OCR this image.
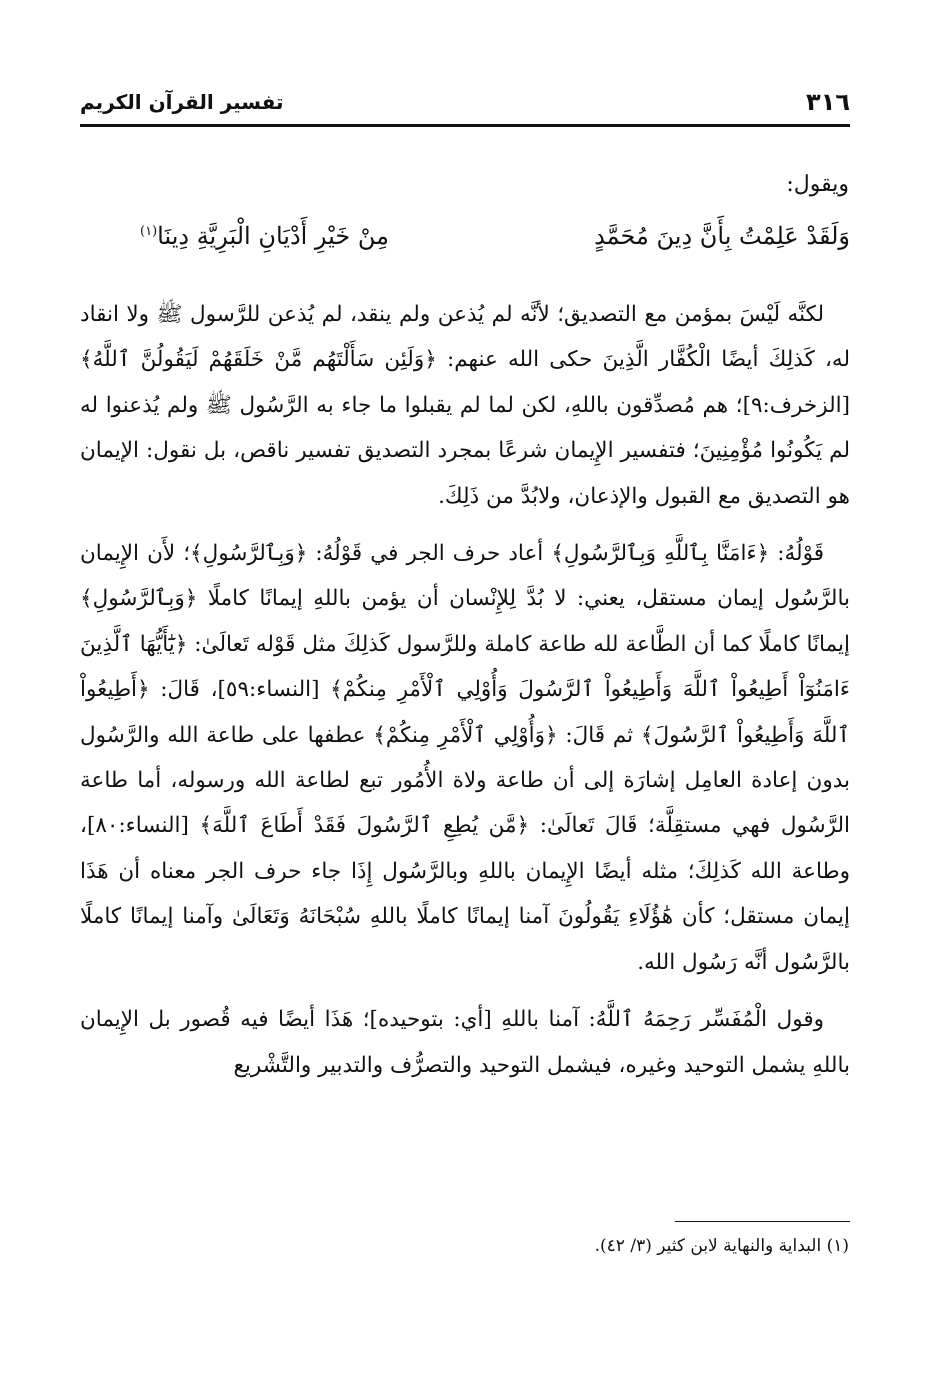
٣١٦
تفسير القرآن الكريم
ويقول:
وَلَقَدْ عَلِمْتُ بِأَنَّ دِينَ مُحَمَّدٍ
مِنْ خَيْرِ أَدْيَانِ الْبَرِيَّةِ دِينَا$^{(١)}$

لكنَّه لَيْسَ بمؤمن مع التصديق؛ لأنَّه لم يُذعن ولم ينقد، لم يُذعن للرَّسول ﷺ ولا انقاد له، كَذلِكَ أيضًا الْكُفَّار الَّذِينَ حكى الله عنهم: ﴿وَلَئِن سَأَلْتَهُم مَّنْ خَلَقَهُمْ لَيَقُولُنَّ ٱللَّهُ﴾ [الزخرف:٩]؛ هم مُصدِّقون باللهِ، لكن لما لم يقبلوا ما جاء به الرَّسُول ﷺ ولم يُذعنوا له لم يَكُونُوا مُؤْمِنِينَ؛ فتفسير الإِيمان شرعًا بمجرد التصديق تفسير ناقص، بل نقول: الإيمان هو التصديق مع القبول والإذعان، ولابُدَّ من ذَلِكَ.

قَوْلُهُ: ﴿ءَامَنَّا بِٱللَّهِ وَبِٱلرَّسُولِ﴾ أعاد حرف الجر في قَوْلُهُ: ﴿وَبِٱلرَّسُولِ﴾؛ لأَن الإِيمان بالرَّسُول إيمان مستقل، يعني: لا بُدَّ لِلإِنْسان أن يؤمن باللهِ إيمانًا كاملًا ﴿وَبِٱلرَّسُولِ﴾ إيمانًا كاملًا كما أن الطَّاعة لله طاعة كاملة وللرَّسول كَذلِكَ مثل قَوْله تَعالَىٰ: ﴿يَٰٓأَيُّهَا ٱلَّذِينَ ءَامَنُوٓاْ أَطِيعُواْ ٱللَّهَ وَأَطِيعُواْ ٱلرَّسُولَ وَأُوْلِي ٱلْأَمْرِ مِنكُمْ﴾ [النساء:٥٩]، قَالَ: ﴿أَطِيعُواْ ٱللَّهَ وَأَطِيعُواْ ٱلرَّسُولَ﴾ ثم قَالَ: ﴿وَأُوْلِي ٱلْأَمْرِ مِنكُمْ﴾ عطفها على طاعة الله والرَّسُول بدون إعادة العامِل إشارَة إلى أن طاعة ولاة الأُمُور تبع لطاعة الله ورسوله، أما طاعة الرَّسُول فهي مستقِلَّة؛ قَالَ تَعالَىٰ: ﴿مَّن يُطِعِ ٱلرَّسُولَ فَقَدْ أَطَاعَ ٱللَّهَ﴾ [النساء:٨٠]، وطاعة الله كَذلِكَ؛ مثله أيضًا الإِيمان باللهِ وبالرَّسُول إِذَا جاء حرف الجر معناه أن هَذَا إيمان مستقل؛ كأن هَٰؤُلَاءِ يَقُولُونَ آمنا إيمانًا كاملًا باللهِ سُبْحَانَهُ وَتَعَالَىٰ وآمنا إيمانًا كاملًا بالرَّسُول أنَّه رَسُول الله.

وقول الْمُفَسِّر رَحِمَهُ ٱللَّهُ: آمنا باللهِ [أي: بتوحيده]؛ هَذَا أيضًا فيه قُصور بل الإِيمان باللهِ يشمل التوحيد وغيره، فيشمل التوحيد والتصرُّف والتدبير والتَّشْريع

(١) البداية والنهاية لابن كثير (٣/ ٤٢).
